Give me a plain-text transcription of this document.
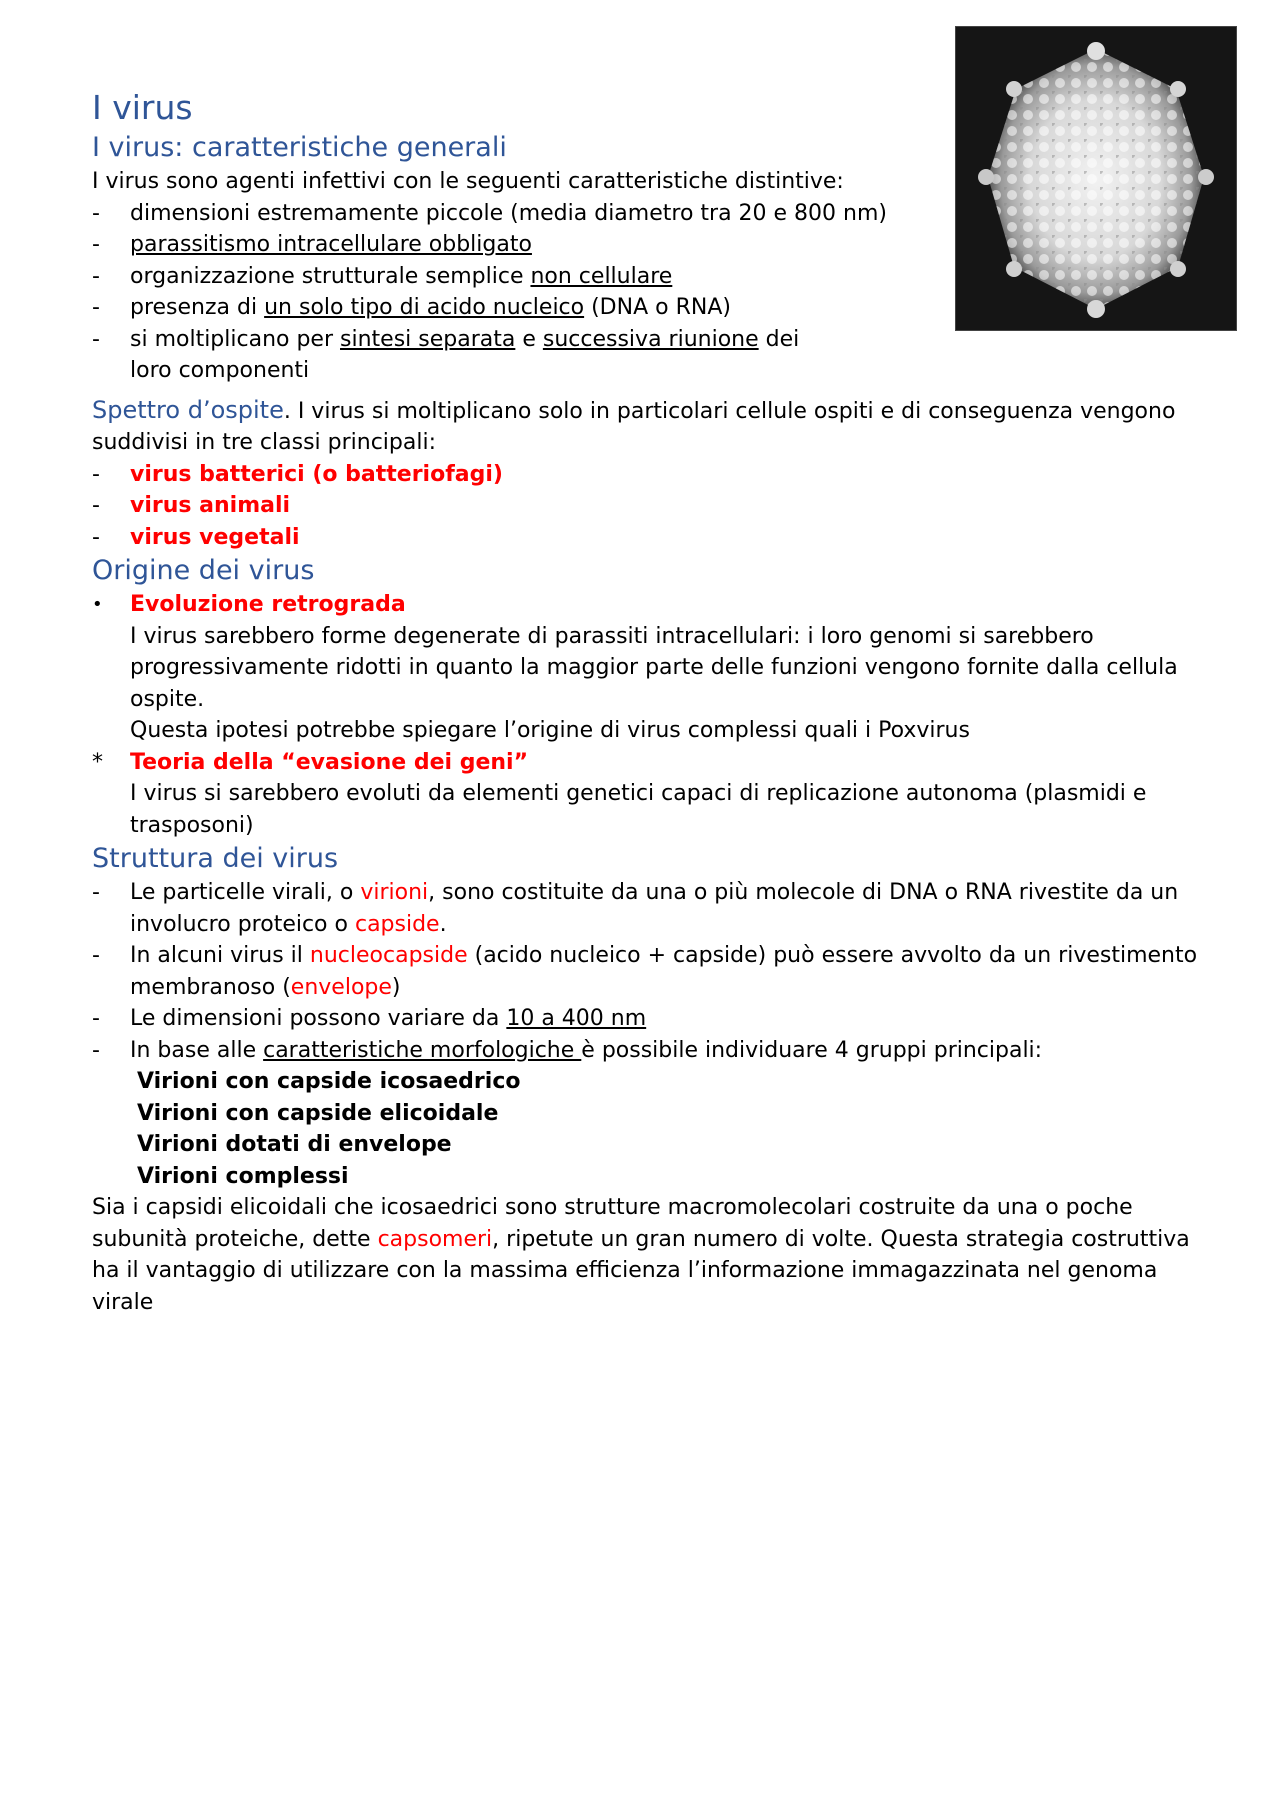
I virus
I virus: caratteristiche generali

I virus sono agenti infettivi con le seguenti caratteristiche distintive:

-	dimensioni estremamente piccole (media diametro tra 20 e 800 nm)
-	parassitismo intracellulare obbligato
-	organizzazione strutturale semplice non cellulare
-	presenza di un solo tipo di acido nucleico (DNA o RNA)
-	si moltiplicano per sintesi separata e successiva riunione dei loro componenti

Spettro d’ospite. I virus si moltiplicano solo in particolari cellule ospiti e di conseguenza vengono suddivisi in tre classi principali:

-	virus batterici (o batteriofagi)
-	virus animali
-	virus vegetali
Origine dei virus
•	Evoluzione retrograda
I virus sarebbero forme degenerate di parassiti intracellulari: i loro genomi si sarebbero progressivamente ridotti in quanto la maggior parte delle funzioni vengono fornite dalla cellula ospite.
Questa ipotesi potrebbe spiegare l’origine di virus complessi quali i Poxvirus
*	Teoria della “evasione dei geni”
I virus si sarebbero evoluti da elementi genetici capaci di replicazione autonoma (plasmidi e trasposoni)
Struttura dei virus
-	Le particelle virali, o virioni, sono costituite da una o più molecole di DNA o RNA rivestite da un involucro proteico o capside.
-	In alcuni virus il nucleocapside (acido nucleico + capside) può essere avvolto da un rivestimento membranoso (envelope)
-	Le dimensioni possono variare da 10 a 400 nm
-	In base alle caratteristiche morfologiche è possibile individuare 4 gruppi principali:
Virioni con capside icosaedrico
Virioni con capside elicoidale
Virioni dotati di envelope
Virioni complessi

Sia i capsidi elicoidali che icosaedrici sono strutture macromolecolari costruite da una o poche subunità proteiche, dette capsomeri, ripetute un gran numero di volte. Questa strategia costruttiva ha il vantaggio di utilizzare con la massima efficienza l’informazione immagazzinata nel genoma virale
